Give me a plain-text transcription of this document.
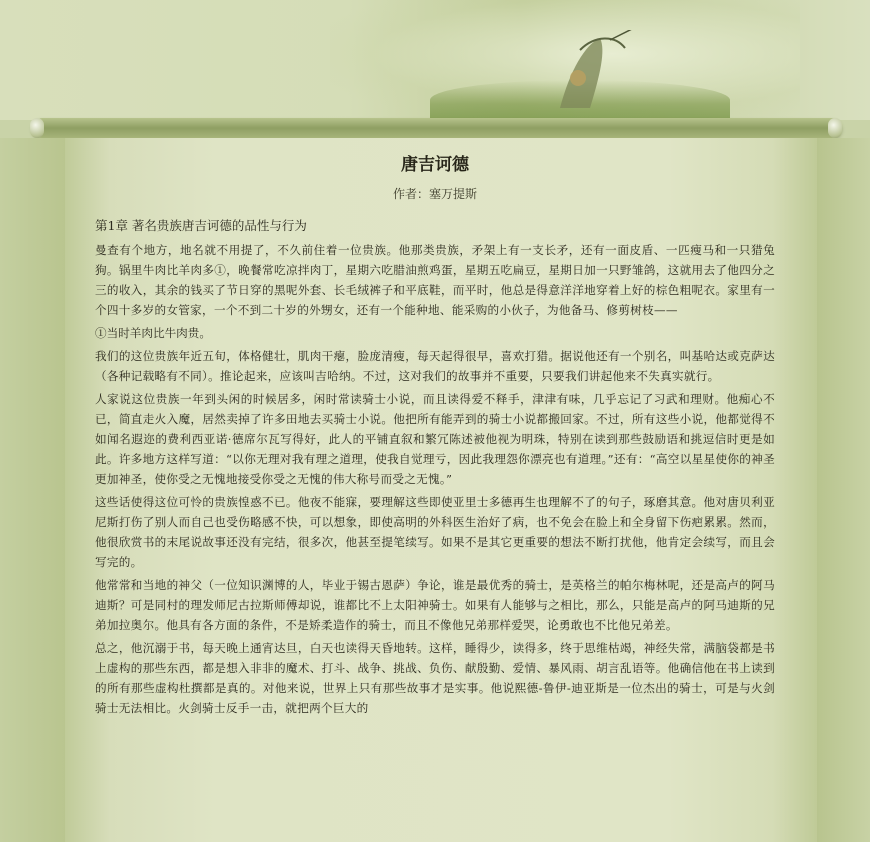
唐吉诃德
作者：塞万提斯
第1章 著名贵族唐吉诃德的品性与行为

曼查有个地方，地名就不用提了，不久前住着一位贵族。他那类贵族，矛架上有一支长矛，还有一面皮盾、一匹瘦马和一只猎兔狗。锅里牛肉比羊肉多①，晚餐常吃凉拌肉丁，星期六吃腊油煎鸡蛋，星期五吃扁豆，星期日加一只野雏鸽，这就用去了他四分之三的收入，其余的钱买了节日穿的黑呢外套、长毛绒裤子和平底鞋，而平时，他总是得意洋洋地穿着上好的棕色粗呢衣。家里有一个四十多岁的女管家，一个不到二十岁的外甥女，还有一个能种地、能采购的小伙子，为他备马、修剪树枝——

①当时羊肉比牛肉贵。

我们的这位贵族年近五旬，体格健壮，肌肉干瘪，脸庞清瘦，每天起得很早，喜欢打猎。据说他还有一个别名，叫基哈达或克萨达（各种记载略有不同）。推论起来，应该叫吉哈纳。不过，这对我们的故事并不重要，只要我们讲起他来不失真实就行。

人家说这位贵族一年到头闲的时候居多，闲时常读骑士小说，而且读得爱不释手，津津有味，几乎忘记了习武和理财。他痴心不已，简直走火入魔，居然卖掉了许多田地去买骑士小说。他把所有能弄到的骑士小说都搬回家。不过，所有这些小说，他都觉得不如闻名遐迩的费利西亚诺·德席尔瓦写得好，此人的平铺直叙和繁冗陈述被他视为明珠，特别在读到那些鼓励语和挑逗信时更是如此。许多地方这样写道：“以你无理对我有理之道理，使我自觉理亏，因此我理怨你漂亮也有道理。”还有：“高空以星星使你的神圣更加神圣，使你受之无愧地接受你受之无愧的伟大称号而受之无愧。”

这些话使得这位可怜的贵族惶惑不已。他夜不能寐，要理解这些即使亚里士多德再生也理解不了的句子，琢磨其意。他对唐贝利亚尼斯打伤了别人而自己也受伤略感不快，可以想象，即使高明的外科医生治好了病，也不免会在脸上和全身留下伤疤累累。然而，他很欣赏书的末尾说故事还没有完结，很多次，他甚至提笔续写。如果不是其它更重要的想法不断打扰他，他肯定会续写，而且会写完的。

他常常和当地的神父（一位知识渊博的人，毕业于锡古恩萨）争论，谁是最优秀的骑士，是英格兰的帕尔梅林呢，还是高卢的阿马迪斯？可是同村的理发师尼古拉斯师傅却说，谁都比不上太阳神骑士。如果有人能够与之相比，那么，只能是高卢的阿马迪斯的兄弟加拉奥尔。他具有各方面的条件，不是矫柔造作的骑士，而且不像他兄弟那样爱哭，论勇敢也不比他兄弟差。

总之，他沉溺于书，每天晚上通宵达旦，白天也读得天昏地转。这样，睡得少，读得多，终于思维枯竭，神经失常，满脑袋都是书上虚构的那些东西，都是想入非非的魔术、打斗、战争、挑战、负伤、献殷勤、爱情、暴风雨、胡言乱语等。他确信他在书上读到的所有那些虚构杜撰都是真的。对他来说，世界上只有那些故事才是实事。他说熙德-鲁伊-迪亚斯是一位杰出的骑士，可是与火剑骑士无法相比。火剑骑士反手一击，就把两个巨大的
